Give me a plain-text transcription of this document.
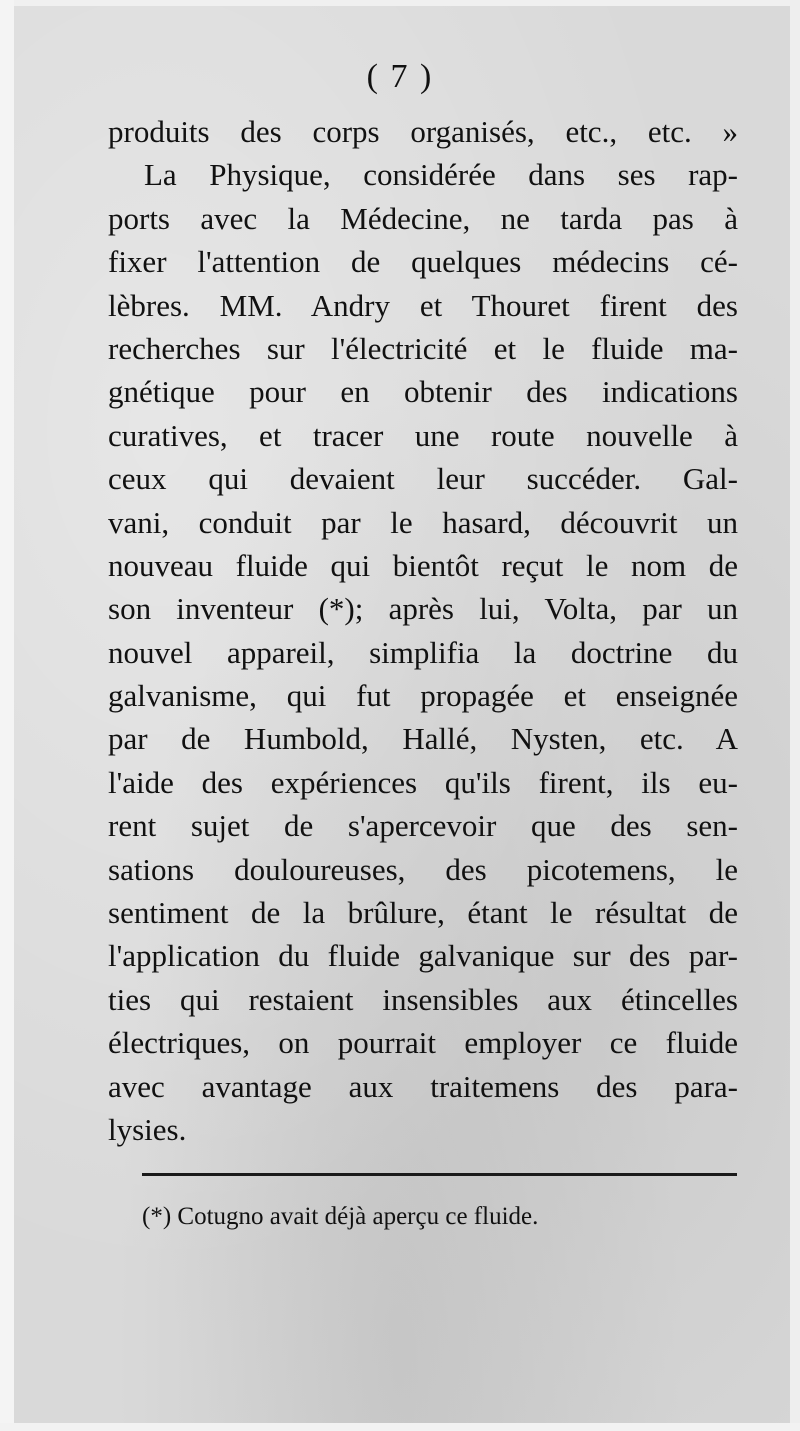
( 7 )
produits des corps organisés, etc., etc. »
La Physique, considérée dans ses rap-
ports avec la Médecine, ne tarda pas à
fixer l'attention de quelques médecins cé-
lèbres. MM. Andry et Thouret firent des
recherches sur l'électricité et le fluide ma-
gnétique pour en obtenir des indications
curatives, et tracer une route nouvelle à
ceux qui devaient leur succéder. Gal-
vani, conduit par le hasard, découvrit un
nouveau fluide qui bientôt reçut le nom de
son inventeur (*); après lui, Volta, par un
nouvel appareil, simplifia la doctrine du
galvanisme, qui fut propagée et enseignée
par de Humbold, Hallé, Nysten, etc. A
l'aide des expériences qu'ils firent, ils eu-
rent sujet de s'apercevoir que des sen-
sations douloureuses, des picotemens, le
sentiment de la brûlure, étant le résultat de
l'application du fluide galvanique sur des par-
ties qui restaient insensibles aux étincelles
électriques, on pourrait employer ce fluide
avec avantage aux traitemens des para-
lysies.
(*) Cotugno avait déjà aperçu ce fluide.
